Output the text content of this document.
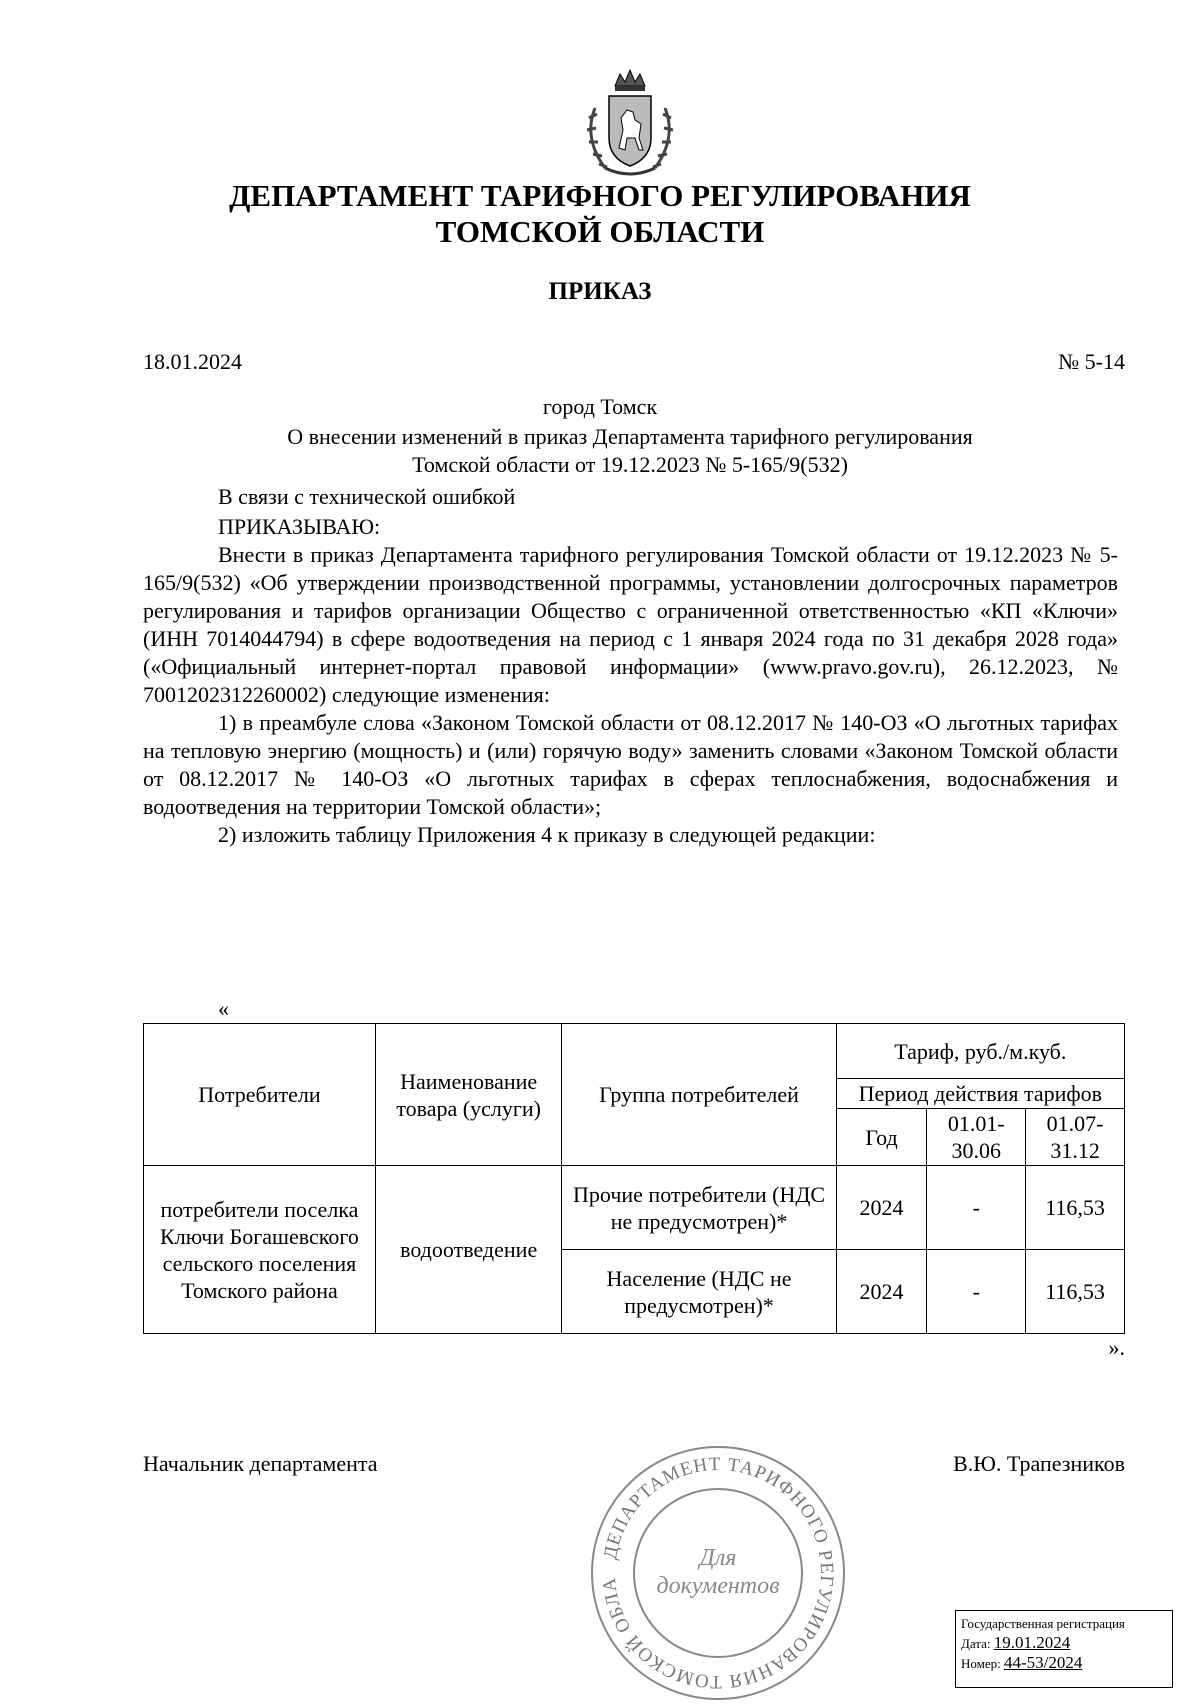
ДЕПАРТАМЕНТ ТАРИФНОГО РЕГУЛИРОВАНИЯ
ТОМСКОЙ ОБЛАСТИ
ПРИКАЗ
18.01.2024	№ 5-14
город Томск
О внесении изменений в приказ Департамента тарифного регулирования
Томской области от 19.12.2023 № 5-165/9(532)
В связи с технической ошибкой
ПРИКАЗЫВАЮ:

Внести в приказ Департамента тарифного регулирования Томской области от 19.12.2023 № 5-165/9(532) «Об утверждении производственной программы, установлении долгосрочных параметров регулирования и тарифов организации Общество с ограниченной ответственностью «КП «Ключи» (ИНН 7014044794) в сфере водоотведения на период с 1 января 2024 года по 31 декабря 2028 года» («Официальный интернет-портал правовой информации» (www.pravo.gov.ru), 26.12.2023, № 7001202312260002) следующие изменения:

1) в преамбуле слова «Законом Томской области от 08.12.2017 № 140-ОЗ «О льготных тарифах на тепловую энергию (мощность) и (или) горячую воду» заменить словами «Законом Томской области от 08.12.2017 № 140-ОЗ «О льготных тарифах в сферах теплоснабжения, водоснабжения и водоотведения на территории Томской области»;

2) изложить таблицу Приложения 4 к приказу в следующей редакции:

«
Потребители	Наименование товара (услуги)	Группа потребителей	Тариф, руб./м.куб.		
			Период действия тарифов		
			Год	01.01-30.06	01.07-31.12
потребители поселка Ключи Богашевского сельского поселения Томского района	водоотведение	Прочие потребители (НДС не предусмотрен)*	2024	-	116,53
		Население (НДС не предусмотрен)*	2024	-	116,53
».
Начальник департамента	В.Ю. Трапезников
ДЕПАРТАМЕНТ ТАРИФНОГО РЕГУЛИРОВАНИЯ ТОМСКОЙ ОБЛА
Для
документов
Государственная регистрация
Дата: 19.01.2024
Номер: 44-53/2024
